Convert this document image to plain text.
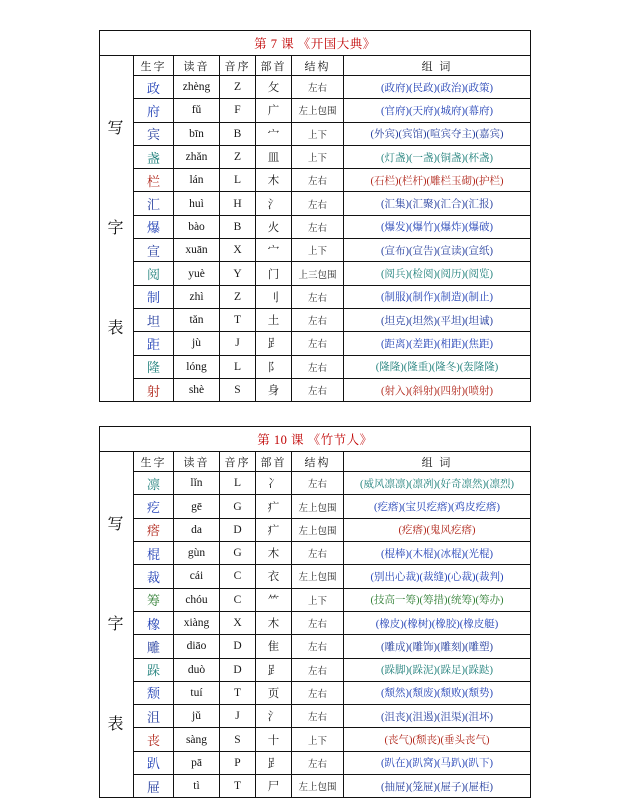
第 7 课 《开国大典》						

写
字
表	生字	读音	音序	部首	结构	组 词
	政	zhèng	Z	攵	左右	(政府)(民政)(政治)(政策)
	府	fǔ	F	广	左上包围	(官府)(天府)(城府)(幕府)
	宾	bīn	B	宀	上下	(外宾)(宾馆)(喧宾夺主)(嘉宾)
	盏	zhǎn	Z	皿	上下	(灯盏)(一盏)(铜盏)(杯盏)
	栏	lán	L	木	左右	(石栏)(栏杆)(雕栏玉砌)(护栏)
	汇	huì	H	氵	左右	(汇集)(汇聚)(汇合)(汇报)
	爆	bào	B	火	左右	(爆发)(爆竹)(爆炸)(爆破)
	宣	xuān	X	宀	上下	(宣布)(宣告)(宣读)(宣纸)
	阅	yuè	Y	门	上三包围	(阅兵)(检阅)(阅历)(阅览)
	制	zhì	Z	刂	左右	(制服)(制作)(制造)(制止)
	坦	tǎn	T	土	左右	(坦克)(坦然)(平坦)(坦诚)
	距	jù	J	𧾷	左右	(距离)(差距)(相距)(焦距)
	隆	lóng	L	阝	左右	(隆隆)(隆重)(隆冬)(轰隆隆)
	射	shè	S	身	左右	(射入)(斜射)(四射)(喷射)
第 10 课 《竹节人》						

写
字
表	生字	读音	音序	部首	结构	组 词
	凛	lǐn	L	冫	左右	(威风凛凛)(凛冽)(好奇凛然)(凛烈)
	疙	gē	G	疒	左上包围	(疙瘩)(宝贝疙瘩)(鸡皮疙瘩)
	瘩	da	D	疒	左上包围	(疙瘩)(鬼风疙瘩)
	棍	gùn	G	木	左右	(棍棒)(木棍)(冰棍)(光棍)
	裁	cái	C	衣	左上包围	(别出心裁)(裁缝)(心裁)(裁判)
	筹	chóu	C	⺮	上下	(技高一筹)(筹措)(统筹)(筹办)
	橡	xiàng	X	木	左右	(橡皮)(橡树)(橡胶)(橡皮艇)
	雕	diāo	D	隹	左右	(雕成)(雕饰)(雕刻)(雕塑)
	跺	duò	D	𧾷	左右	(跺脚)(跺泥)(跺足)(跺跶)
	颓	tuí	T	页	左右	(颓然)(颓废)(颓败)(颓势)
	沮	jǔ	J	氵	左右	(沮丧)(沮遏)(沮渠)(沮坏)
	丧	sàng	S	十	上下	(丧气)(颓丧)(垂头丧气)
	趴	pā	P	𧾷	左右	(趴在)(趴窝)(马趴)(趴下)
	屉	tì	T	尸	左上包围	(抽屉)(笼屉)(屉子)(屉柜)
